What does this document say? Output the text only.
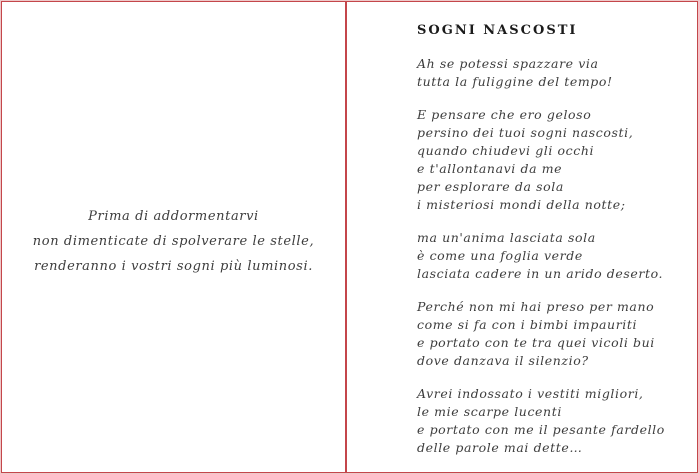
Prima di addormentarvi

non dimenticate di spolverare le stelle,

renderanno i vostri sogni più luminosi.

SOGNI NASCOSTI

Ah se potessi spazzare via

tutta la fuliggine del tempo!

E pensare che ero geloso

persino dei tuoi sogni nascosti,

quando chiudevi gli occhi

e t'allontanavi da me

per esplorare da sola

i misteriosi mondi della notte;

ma un'anima lasciata sola

è come una foglia verde

lasciata cadere in un arido deserto.

Perché non mi hai preso per mano

come si fa con i bimbi impauriti

e portato con te tra quei vicoli bui

dove danzava il silenzio?

Avrei indossato i vestiti migliori,

le mie scarpe lucenti

e portato con me il pesante fardello

delle parole mai dette…
